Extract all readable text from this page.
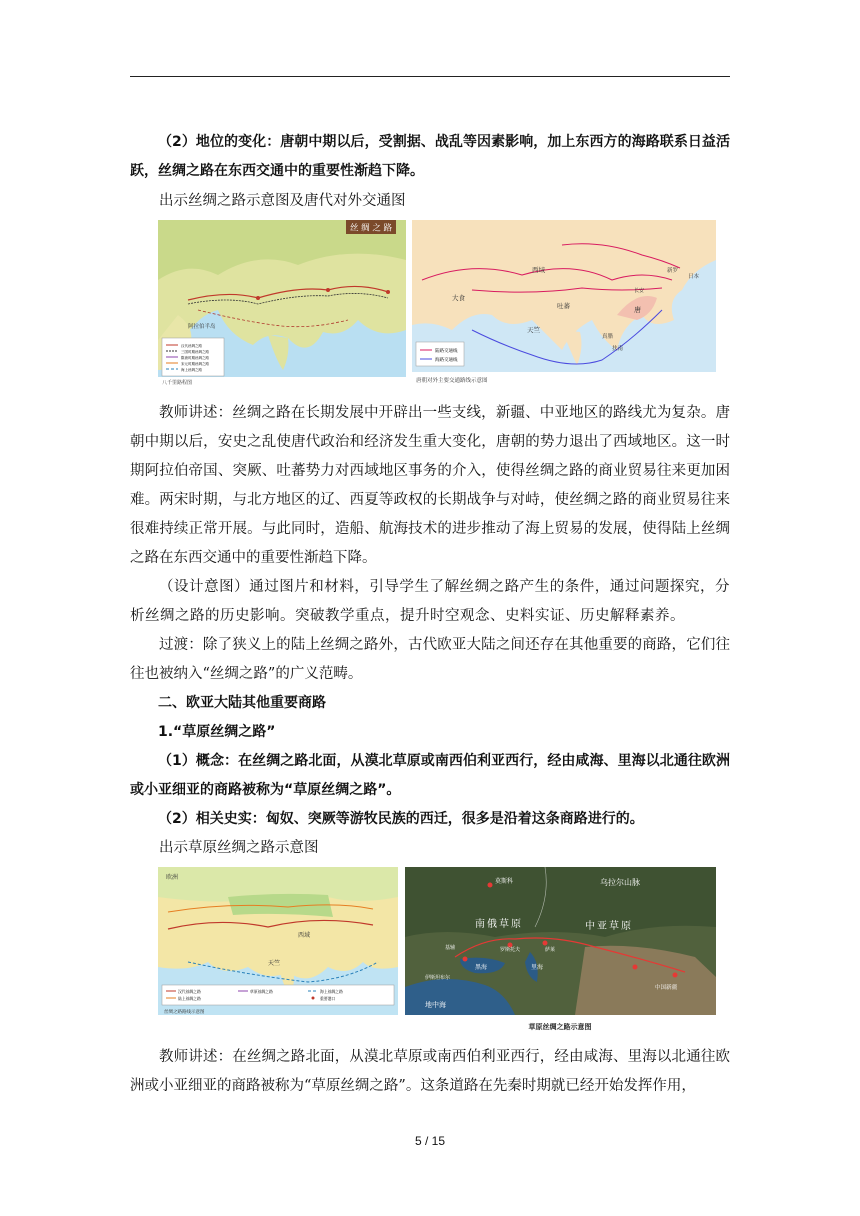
（2）地位的变化：唐朝中期以后，受割据、战乱等因素影响，加上东西方的海路联系日益活跃，丝绸之路在东西交通中的重要性渐趋下降。

出示丝绸之路示意图及唐代对外交通图

丝 绸 之 路
阿拉伯半岛
汉代丝绸之路
三国时期丝绸之路
隋唐时期丝绸之路
宋元时期丝绸之路
海上丝绸之路
八千里路程图
西域
吐蕃	唐
大食
天竺
真腊
扶南
新罗
日本
长安
陆路交通线
海路交通线
唐朝对外主要交通路线示意图

教师讲述：丝绸之路在长期发展中开辟出一些支线，新疆、中亚地区的路线尤为复杂。唐朝中期以后，安史之乱使唐代政治和经济发生重大变化，唐朝的势力退出了西域地区。这一时期阿拉伯帝国、突厥、吐蕃势力对西域地区事务的介入，使得丝绸之路的商业贸易往来更加困难。两宋时期，与北方地区的辽、西夏等政权的长期战争与对峙，使丝绸之路的商业贸易往来很难持续正常开展。与此同时，造船、航海技术的进步推动了海上贸易的发展，使得陆上丝绸之路在东西交通中的重要性渐趋下降。

（设计意图）通过图片和材料，引导学生了解丝绸之路产生的条件，通过问题探究，分析丝绸之路的历史影响。突破教学重点，提升时空观念、史料实证、历史解释素养。

过渡：除了狭义上的陆上丝绸之路外，古代欧亚大陆之间还存在其他重要的商路，它们往往也被纳入“丝绸之路”的广义范畴。

二、欧亚大陆其他重要商路

1.“草原丝绸之路”

（1）概念：在丝绸之路北面，从漠北草原或南西伯利亚西行，经由咸海、里海以北通往欧洲或小亚细亚的商路被称为“草原丝绸之路”。

（2）相关史实：匈奴、突厥等游牧民族的西迁，很多是沿着这条商路进行的。

出示草原丝绸之路示意图

欧洲
西域
天竺
汉代丝绸之路
陆上丝绸之路
草原丝绸之路	海上丝绸之路
重要港口
丝绸之路路线示意图
乌拉尔山脉
莫斯科
南俄草原	中亚草原
罗斯托夫	萨莱
基辅
黑海	里海
地中海
伊斯坦布尔
中国新疆
草原丝绸之路示意图

教师讲述：在丝绸之路北面，从漠北草原或南西伯利亚西行，经由咸海、里海以北通往欧洲或小亚细亚的商路被称为“草原丝绸之路”。这条道路在先秦时期就已经开始发挥作用，

5 / 15
